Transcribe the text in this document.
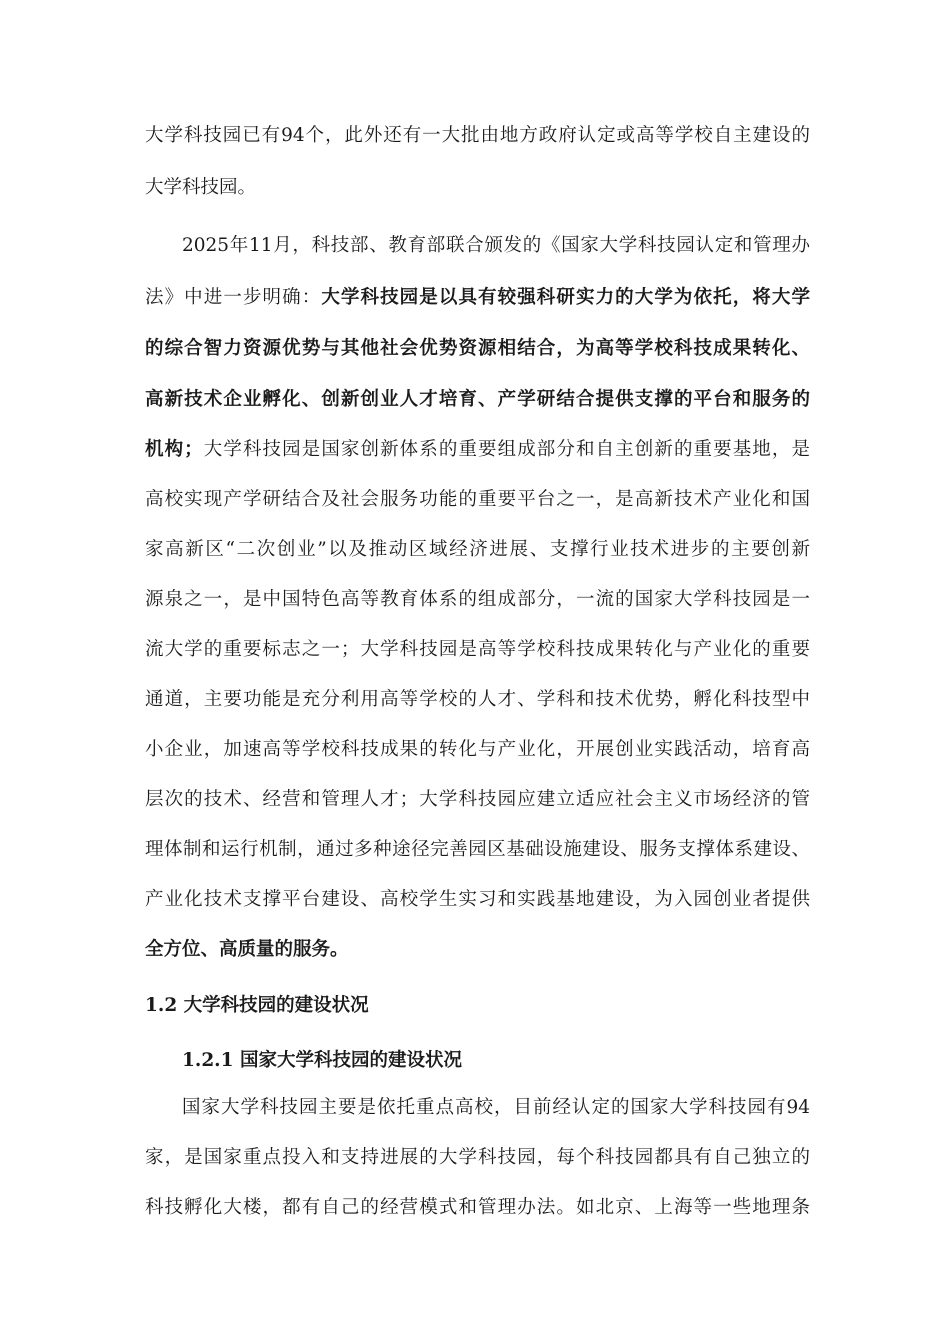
大学科技园已有94个，此外还有一大批由地方政府认定或高等学校自主建设的
大学科技园。
2025年11月，科技部、教育部联合颁发的《国家大学科技园认定和管理办
法》中进一步明确：大学科技园是以具有较强科研实力的大学为依托，将大学
的综合智力资源优势与其他社会优势资源相结合，为高等学校科技成果转化、
高新技术企业孵化、创新创业人才培育、产学研结合提供支撑的平台和服务的
机构；大学科技园是国家创新体系的重要组成部分和自主创新的重要基地，是
高校实现产学研结合及社会服务功能的重要平台之一，是高新技术产业化和国
家高新区“二次创业”以及推动区域经济进展、支撑行业技术进步的主要创新
源泉之一，是中国特色高等教育体系的组成部分，一流的国家大学科技园是一
流大学的重要标志之一；大学科技园是高等学校科技成果转化与产业化的重要
通道，主要功能是充分利用高等学校的人才、学科和技术优势，孵化科技型中
小企业，加速高等学校科技成果的转化与产业化，开展创业实践活动，培育高
层次的技术、经营和管理人才；大学科技园应建立适应社会主义市场经济的管
理体制和运行机制，通过多种途径完善园区基础设施建设、服务支撑体系建设、
产业化技术支撑平台建设、高校学生实习和实践基地建设，为入园创业者提供
全方位、高质量的服务。
1.2 大学科技园的建设状况
1.2.1 国家大学科技园的建设状况
国家大学科技园主要是依托重点高校，目前经认定的国家大学科技园有94
家，是国家重点投入和支持进展的大学科技园，每个科技园都具有自己独立的
科技孵化大楼，都有自己的经营模式和管理办法。如北京、上海等一些地理条
